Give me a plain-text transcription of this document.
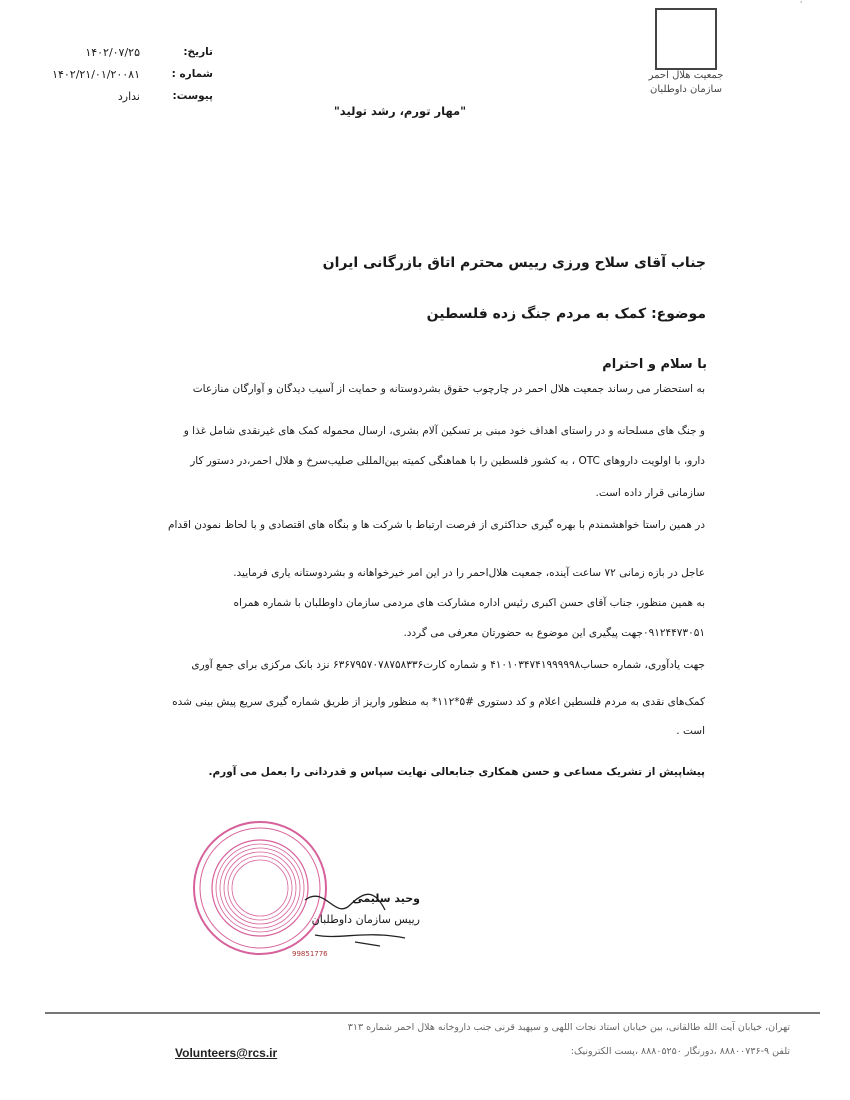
'
جمعیت هلال احمر
سازمان داوطلبان
تاریخ:
۱۴۰۲/۰۷/۲۵
شماره :
۱۴۰۲/۲۱/۰۱/۲۰۰۸۱
پیوست:
ندارد
"مهار تورم، رشد تولید"
جناب آقای سلاح ورزی رییس محترم اتاق بازرگانی ایران
موضوع: کمک به مردم جنگ زده فلسطین
با سلام و احترام
به استحضار می رساند جمعیت هلال احمر در چارچوب حقوق بشردوستانه و حمایت از آسیب دیدگان و آوارگان منازعات
و جنگ های مسلحانه و در راستای اهداف خود مبنی بر تسکین آلام بشری، ارسال محموله کمک های غیرنقدی شامل غذا و
دارو، با اولویت داروهای OTC ، به کشور فلسطین را با هماهنگی کمیته بین‌المللی صلیب‌سرخ و هلال احمر،در دستور کار
سازمانی قرار داده است.
در همین راستا خواهشمندم با بهره گیری حداکثری از فرصت ارتباط با شرکت ها و بنگاه های اقتصادی و با لحاظ نمودن اقدام
عاجل در بازه زمانی ۷۲ ساعت آینده، جمعیت هلال‌احمر را در این امر خیرخواهانه و بشردوستانه یاری فرمایید.
به همین منظور، جناب آقای حسن اکبری رئیس اداره مشارکت های مردمی سازمان داوطلبان با شماره همراه
۰۹۱۲۴۴۷۳۰۵۱جهت پیگیری این موضوع به حضورتان معرفی می گردد.
جهت یادآوری، شماره حساب۴۱۰۱۰۳۴۷۴۱۹۹۹۹۹۸ و شماره کارت۶۳۶۷۹۵۷۰۷۸۷۵۸۳۳۶ نزد بانک مرکزی برای جمع آوری
کمک‌های نقدی به مردم فلسطین اعلام و کد دستوری #۵*۱۱۲* به منظور واریز از طریق شماره گیری سریع پیش بینی شده
است .
پیشاپیش از تشریک مساعی و حسن همکاری جنابعالی نهایت سپاس و قدردانی را بعمل می آورم.
99851776
وحید سلیمی
رییس سازمان داوطلبان
تهران، خیابان آیت الله طالقانی، بین خیابان استاد نجات اللهی و سپهبد قرنی جنب داروخانه هلال احمر شماره ۳۱۳
تلفن ۹-۸۸۸۰۰۷۳۶ ،دورنگار ۸۸۸۰۵۲۵۰ ،پست الکترونیک:
Volunteers@rcs.ir
